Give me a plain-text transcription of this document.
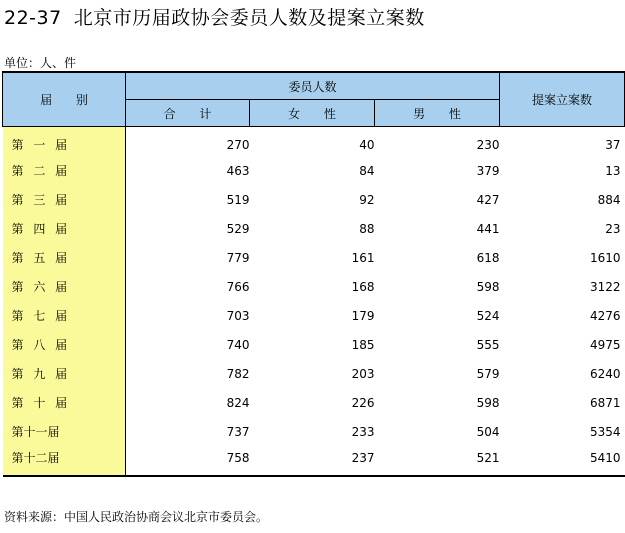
22-37 北京市历届政协会委员人数及提案立案数
单位：人、件
届 别	委员人数			提案立案数
	合 计	女 性	男 性	
第 一 届	270	40	230	37
第 二 届	463	84	379	13
第 三 届	519	92	427	884
第 四 届	529	88	441	23
第 五 届	779	161	618	1610
第 六 届	766	168	598	3122
第 七 届	703	179	524	4276
第 八 届	740	185	555	4975
第 九 届	782	203	579	6240
第 十 届	824	226	598	6871
第十一届	737	233	504	5354
第十二届	758	237	521	5410
资料来源：中国人民政治协商会议北京市委员会。
